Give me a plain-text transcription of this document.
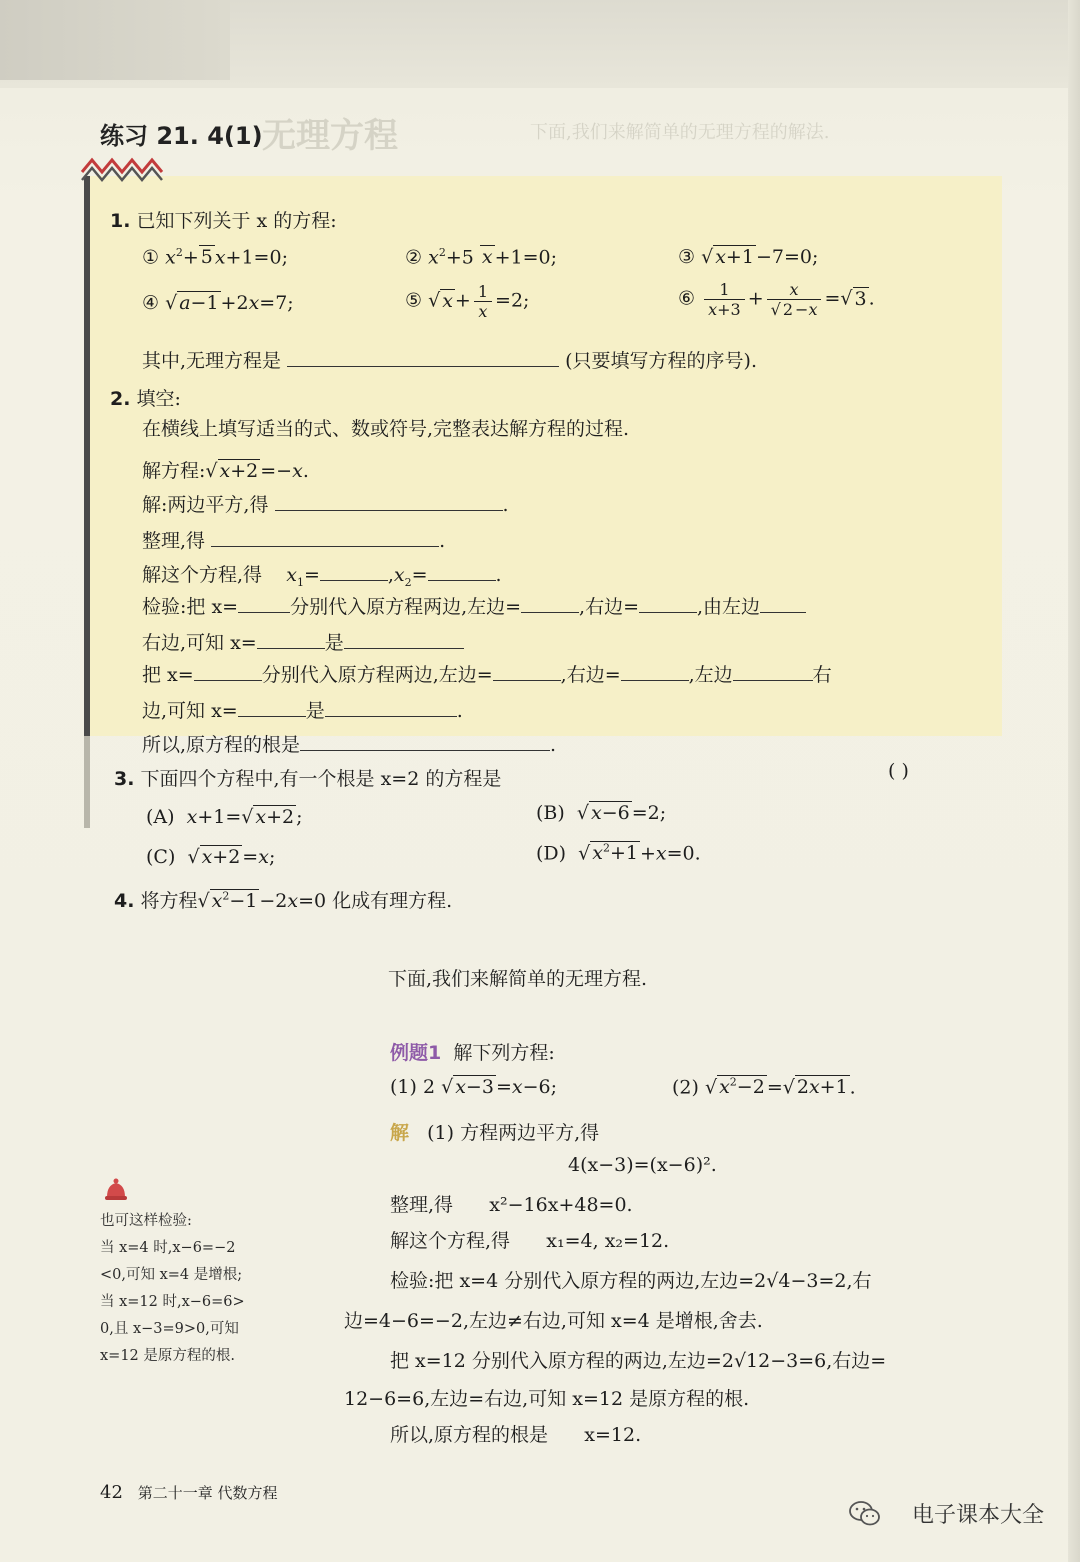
无理方程	下面,我们来解简单的无理方程的解法.
练习 21. 4(1)
1. 已知下列关于 x 的方程:
① $x^2+ 5$ x+1=0;	② $x^2+5$ x +1=0;	③ √ x+1 −7=0;
④ √ a−1 +2x=7;	⑤ √ $x + \frac{1}{x} =2$;	⑥ $\frac{1}{x+3} + \frac{x}{√ 2 -x}$ =√ 3 .
其中,无理方程是	(只要填写方程的序号).
2. 填空:
在横线上填写适当的式、数或符号,完整表达解方程的过程.
解方程:√ x+2 =−x.
解:两边平方,得	.
整理,得	.
解这个方程,得 $x_1=$	$,x_2=$	.
检验:把 x=	分别代入原方程两边,左边=	,右边=	,由左边
右边,可知 x=	是
把 x=	分别代入原方程两边,左边=	,右边=	,左边	右
边,可知 x=	是	.
所以,原方程的根是	.
3. 下面四个方程中,有一个根是 x=2 的方程是	( )
(A) x+1=√ x+2 ;	(B)  √ x−6 =2;
(C)  √ x+2 =x;	(D)  √ $x^2+1 +x=0$.
4. 将方程√ $x^2-1 -2x=0$ 化成有理方程.
下面,我们来解简单的无理方程.
例题1 解下列方程:
(1) 2 √ x−3 =x−6;	(2) √ $x^2-2$ =√ 2x+1 .
解 (1) 方程两边平方,得
4(x−3)=(x−6)².
整理,得 x²−16x+48=0.
解这个方程,得 x₁=4, x₂=12.
检验:把 x=4 分别代入原方程的两边,左边=2√4−3=2,右
边=4−6=−2,左边≠右边,可知 x=4 是增根,舍去.
把 x=12 分别代入原方程的两边,左边=2√12−3=6,右边=
12−6=6,左边=右边,可知 x=12 是原方程的根.
所以,原方程的根是 x=12.
也可这样检验:
当 x=4 时,x−6=−2
<0,可知 x=4 是增根;
当 x=12 时,x−6=6>
0,且 x−3=9>0,可知
x=12 是原方程的根.
42 第二十一章 代数方程
电子课本大全
